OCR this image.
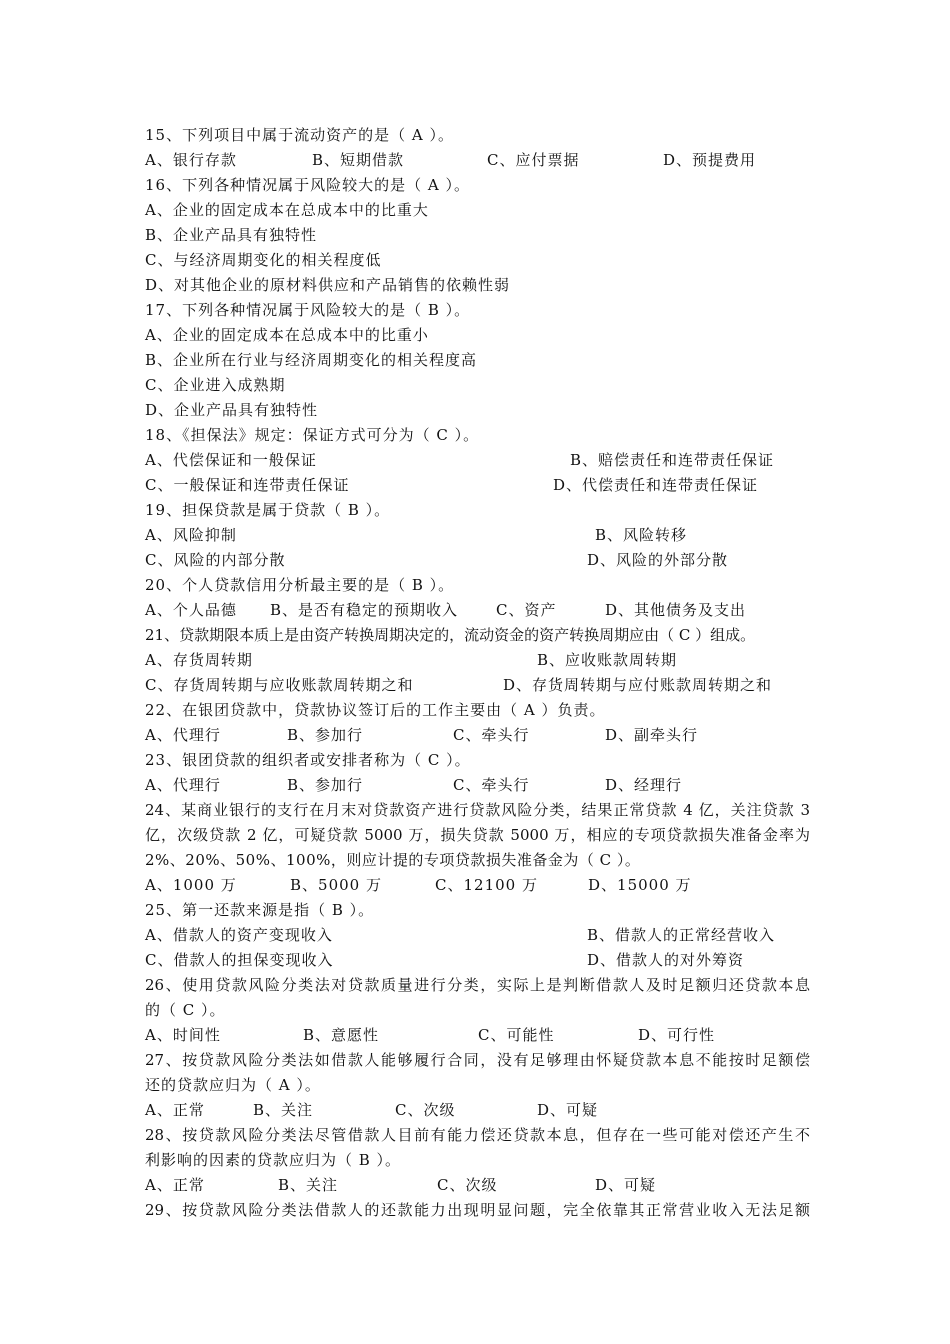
15、下列项目中属于流动资产的是（ A ）。
A、银行存款	B、短期借款	C、应付票据	D、预提费用
16、下列各种情况属于风险较大的是（ A ）。
A、企业的固定成本在总成本中的比重大
B、企业产品具有独特性
C、与经济周期变化的相关程度低
D、对其他企业的原材料供应和产品销售的依赖性弱
17、下列各种情况属于风险较大的是（ B ）。
A、企业的固定成本在总成本中的比重小
B、企业所在行业与经济周期变化的相关程度高
C、企业进入成熟期
D、企业产品具有独特性
18、《担保法》规定：保证方式可分为（ C ）。
A、代偿保证和一般保证	B、赔偿责任和连带责任保证
C、一般保证和连带责任保证	D、代偿责任和连带责任保证
19、担保贷款是属于贷款（ B ）。
A、风险抑制	B、风险转移
C、风险的内部分散	D、风险的外部分散
20、个人贷款信用分析最主要的是（ B ）。
A、个人品德 B、是否有稳定的预期收入	C、资产	D、其他债务及支出
21、贷款期限本质上是由资产转换周期决定的，流动资金的资产转换周期应由（ C ）组成。
A、存货周转期	B、应收账款周转期
C、存货周转期与应收账款周转期之和	D、存货周转期与应付账款周转期之和
22、在银团贷款中，贷款协议签订后的工作主要由（ A ）负责。
A、代理行	B、参加行	C、牵头行	D、副牵头行
23、银团贷款的组织者或安排者称为（ C ）。
A、代理行	B、参加行	C、牵头行	D、经理行
24、某商业银行的支行在月末对贷款资产进行贷款风险分类，结果正常贷款 4 亿，关注贷款 3
亿，次级贷款 2 亿，可疑贷款 5000 万，损失贷款 5000 万，相应的专项贷款损失准备金率为
2%、20%、50%、100%，则应计提的专项贷款损失准备金为（ C ）。
A、1000 万	B、5000 万	C、12100 万	D、15000 万
25、第一还款来源是指（ B ）。
A、借款人的资产变现收入	B、借款人的正常经营收入
C、借款人的担保变现收入	D、借款人的对外筹资
26、使用贷款风险分类法对贷款质量进行分类，实际上是判断借款人及时足额归还贷款本息
的（ C ）。
A、时间性	B、意愿性	C、可能性	D、可行性
27、按贷款风险分类法如借款人能够履行合同，没有足够理由怀疑贷款本息不能按时足额偿
还的贷款应归为（ A ）。
A、正常	B、关注	C、次级	D、可疑
28、按贷款风险分类法尽管借款人目前有能力偿还贷款本息，但存在一些可能对偿还产生不
利影响的因素的贷款应归为（ B ）。
A、正常	B、关注	C、次级	D、可疑
29、按贷款风险分类法借款人的还款能力出现明显问题，完全依靠其正常营业收入无法足额
